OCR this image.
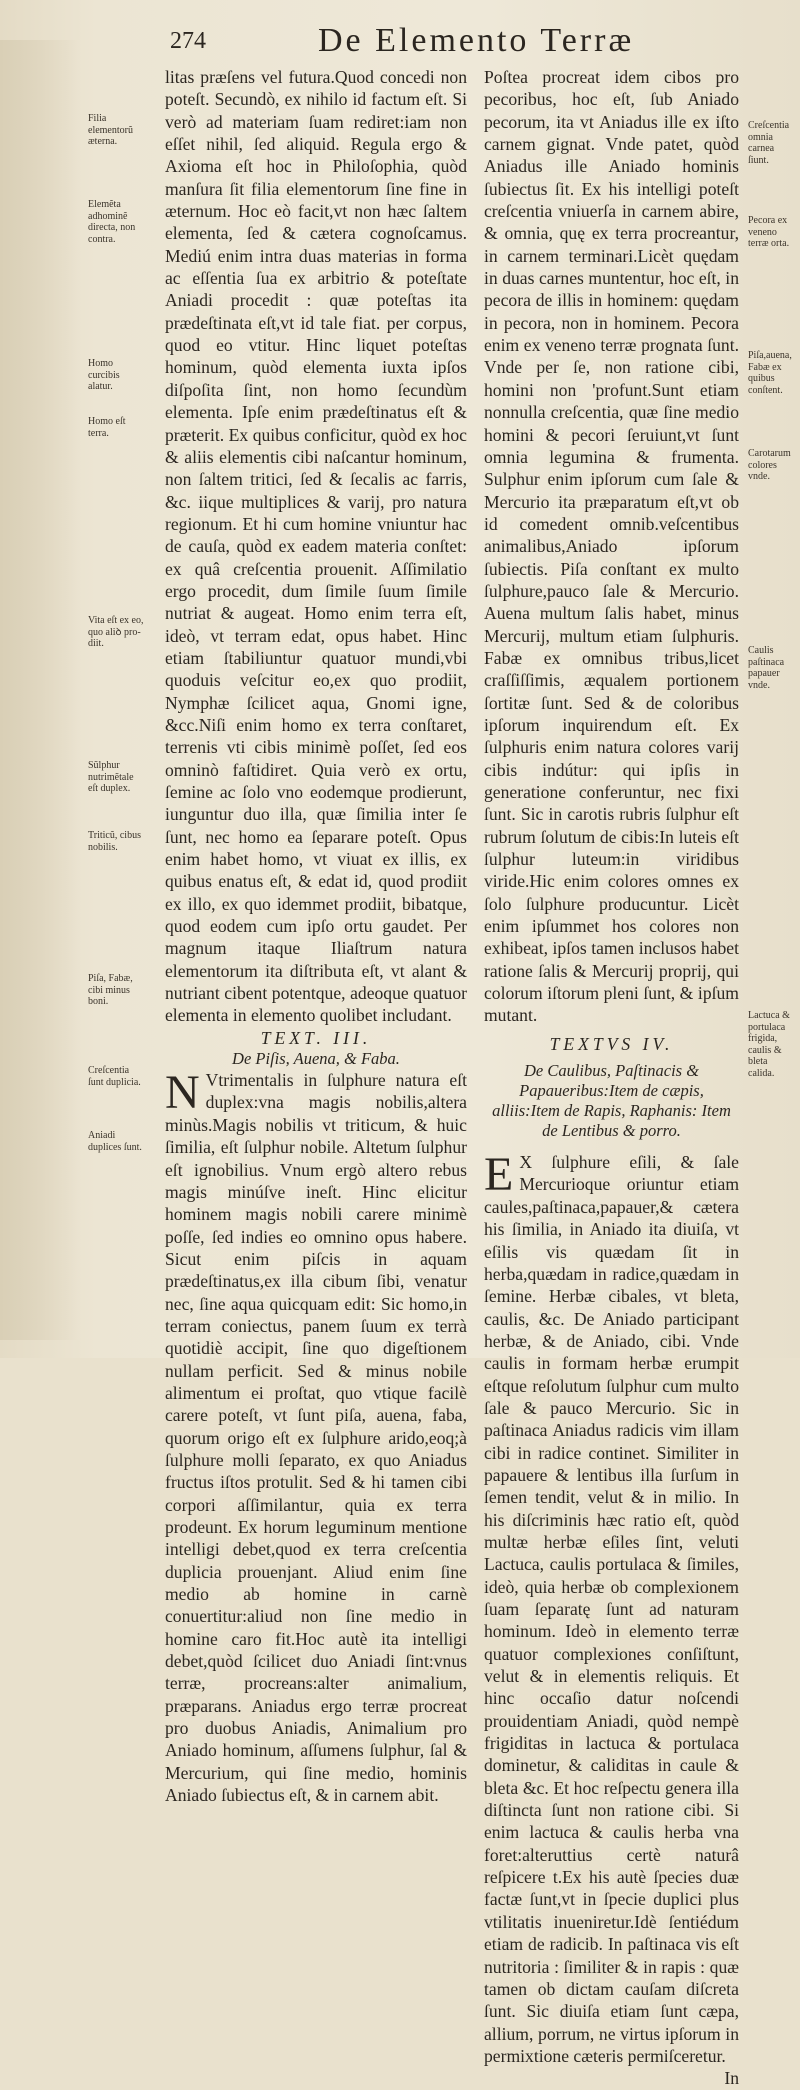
274	De Elemento Terræ

litas præſens vel futura.Quod concedi non poteſt. Secundò, ex nihilo id factum eſt. Si verò ad materiam ſuam rediret:iam non eſſet nihil, ſed aliquid. Regula ergo & Axioma eſt hoc in Philoſophia, quòd manſura ſit filia elementorum ſine fine in æternum. Hoc eò facit,vt non hæc ſaltem elementa, ſed & cætera cognoſcamus. Mediú enim intra duas materias in forma ac eſſentia ſua ex arbitrio & poteſtate Aniadi procedit : quæ poteſtas ita prædeſtinata eſt,vt id tale fiat. per corpus, quod eo vtitur. Hinc liquet poteſtas hominum, quòd elementa iuxta ipſos diſpoſita ſint, non homo ſecundùm elementa. Ipſe enim prædeſtinatus eſt & præterit. Ex quibus conficitur, quòd ex hoc & aliis elementis cibi naſcantur hominum, non ſaltem tritici, ſed & ſecalis ac farris, &c. iique multiplices & varij, pro natura regionum. Et hi cum homine vniuntur hac de cauſa, quòd ex eadem materia conſtet: ex quâ creſcentia prouenit. Aſſimilatio ergo procedit, dum ſimile ſuum ſimile nutriat & augeat. Homo enim terra eſt, ideò, vt terram edat, opus habet. Hinc etiam ſtabiliuntur quatuor mundi,vbi quoduis veſcitur eo,ex quo prodiit, Nymphæ ſcilicet aqua, Gnomi igne, &cc.Niſi enim homo ex terra conſtaret, terrenis vti cibis minimè poſſet, ſed eos omninò faſtidiret. Quia verò ex ortu, ſemine ac ſolo vno eodemque prodierunt, iunguntur duo illa, quæ ſimilia inter ſe ſunt, nec homo ea ſeparare poteſt. Opus enim habet homo, vt viuat ex illis, ex quibus enatus eſt, & edat id, quod prodiit ex illo, ex quo idemmet prodiit, bibatque, quod eodem cum ipſo ortu gaudet. Per magnum itaque Iliaſtrum natura elementorum ita diſtributa eſt, vt alant & nutriant cibent potentque, adeoque quatuor elementa in elemento quolibet includant.

TEXT. III.

De Piſis, Auena, & Faba.

N Vtrimentalis in ſulphure natura eſt duplex:vna magis nobilis,altera minùs.Magis nobilis vt triticum, & huic ſimilia, eſt ſulphur nobile. Altetum ſulphur eſt ignobilius. Vnum ergò altero rebus magis minúſve ineſt. Hinc elicitur hominem magis nobili carere minimè poſſe, ſed indies eo omnino opus habere. Sicut enim piſcis in aquam prædeſtinatus,ex illa cibum ſibi, venatur nec, ſine aqua quicquam edit: Sic homo,in terram coniectus, panem ſuum ex terrà quotidiè accipit, ſine quo digeſtionem nullam perficit. Sed & minus nobile alimentum ei proſtat, quo vtique facilè carere poteſt, vt ſunt piſa, auena, faba, quorum origo eſt ex ſulphure arido,eoq;à ſulphure molli ſeparato, ex quo Aniadus fructus iſtos protulit. Sed & hi tamen cibi corpori aſſimilantur, quia ex terra prodeunt. Ex horum leguminum mentione intelligi debet,quod ex terra creſcentia duplicia prouenjant. Aliud enim ſine medio ab homine in carnè conuertitur:aliud non ſine medio in homine caro fit.Hoc autè ita intelligi debet,quòd ſcilicet duo Aniadi ſint:vnus terræ, procreans:alter animalium, præparans. Aniadus ergo terræ procreat pro duobus Aniadis, Animalium pro Aniado hominum, aſſumens ſulphur, ſal & Mercurium, qui ſine medio, hominis Aniado ſubiectus eſt, & in carnem abit.

Poſtea procreat idem cibos pro pecoribus, hoc eſt, ſub Aniado pecorum, ita vt Aniadus ille ex iſto carnem gignat. Vnde patet, quòd Aniadus ille Aniado hominis ſubiectus ſit. Ex his intelligi poteſt creſcentia vniuerſa in carnem abire, & omnia, quę ex terra procreantur, in carnem terminari.Licèt quędam in duas carnes muntentur, hoc eſt, in pecora de illis in hominem: quędam in pecora, non in hominem. Pecora enim ex veneno terræ prognata ſunt. Vnde per ſe, non ratione cibi, homini non 'profunt.Sunt etiam nonnulla creſcentia, quæ ſine medio homini & pecori ſeruiunt,vt ſunt omnia legumina & frumenta. Sulphur enim ipſorum cum ſale & Mercurio ita præparatum eſt,vt ob id comedent omnib.veſcentibus animalibus,Aniado ipſorum ſubiectis. Piſa conſtant ex multo ſulphure,pauco ſale & Mercurio. Auena multum ſalis habet, minus Mercurij, multum etiam ſulphuris. Fabæ ex omnibus tribus,licet craſſiſſimis, æqualem portionem ſortitæ ſunt. Sed & de coloribus ipſorum inquirendum eſt. Ex ſulphuris enim natura colores varij cibis indútur: qui ipſis in generatione conferuntur, nec fixi ſunt. Sic in carotis rubris ſulphur eſt rubrum ſolutum de cibis:In luteis eſt ſulphur luteum:in viridibus viride.Hic enim colores omnes ex ſolo ſulphure producuntur. Licèt enim ipſummet hos colores non exhibeat, ipſos tamen inclusos habet ratione ſalis & Mercurij proprij, qui colorum iſtorum pleni ſunt, & ipſum mutant.

TEXTVS IV.

De Caulibus, Paſtinacis & Papaueribus:Item de cæpis, alliis:Item de Rapis, Raphanis: Item de Lentibus & porro.

E X ſulphure eſili, & ſale Mercurioque oriuntur etiam caules,paſtinaca,papauer,& cætera his ſimilia, in Aniado ita diuiſa, vt eſilis vis quædam ſit in herba,quædam in radice,quædam in ſemine. Herbæ cibales, vt bleta, caulis, &c. De Aniado participant herbæ, & de Aniado, cibi. Vnde caulis in formam herbæ erumpit eſtque reſolutum ſulphur cum multo ſale & pauco Mercurio. Sic in paſtinaca Aniadus radicis vim illam cibi in radice continet. Similiter in papauere & lentibus illa ſurſum in ſemen tendit, velut & in milio. In his diſcriminis hæc ratio eſt, quòd multæ herbæ eſiles ſint, veluti Lactuca, caulis portulaca & ſimiles, ideò, quia herbæ ob complexionem ſuam ſeparatę ſunt ad naturam hominum. Ideò in elemento terræ quatuor complexiones conſiſtunt, velut & in elementis reliquis. Et hinc occaſio datur noſcendi prouidentiam Aniadi, quòd nempè frigiditas in lactuca & portulaca dominetur, & caliditas in caule & bleta &c. Et hoc reſpectu genera illa diſtincta ſunt non ratione cibi. Si enim lactuca & caulis herba vna foret:alteruttius certè naturâ reſpicere t.Ex his autè ſpecies duæ factæ ſunt,vt in ſpecie duplici plus vtilitatis inueniretur.Idè ſentiédum etiam de radicib. In paſtinaca vis eſt nutritoria : ſimiliter & in rapis : quæ tamen ob dictam cauſam diſcreta ſunt. Sic diuiſa etiam ſunt cæpa, allium, porrum, ne virtus ipſorum in permixtione cæteris permiſceretur.

In

Filia elementorũ æterna.
Elemẽta adhominẽ directa, non contra.
Homo curcibis alatur.
Homo eſt terra.
Vita eſt ex eo, quo aliꝺ prodiit.
Sũlphur nutrimẽtale eſt duplex.
Triticũ, cibus nobilis.
Piſa, Fabæ, cibi minus boni.
Creſcentia ſunt duplicia.
Aniadi duplices ſunt.
Creſcentia omnia carnea ſiunt.
Pecora ex veneno terræ orta.
Piſa,auena, Fabæ ex quibus conſtent.
Carotarum colores vnde.
Caulis paſtinaca papauer vnde.
Lactuca & portulaca frigida, caulis & bleta calida.
